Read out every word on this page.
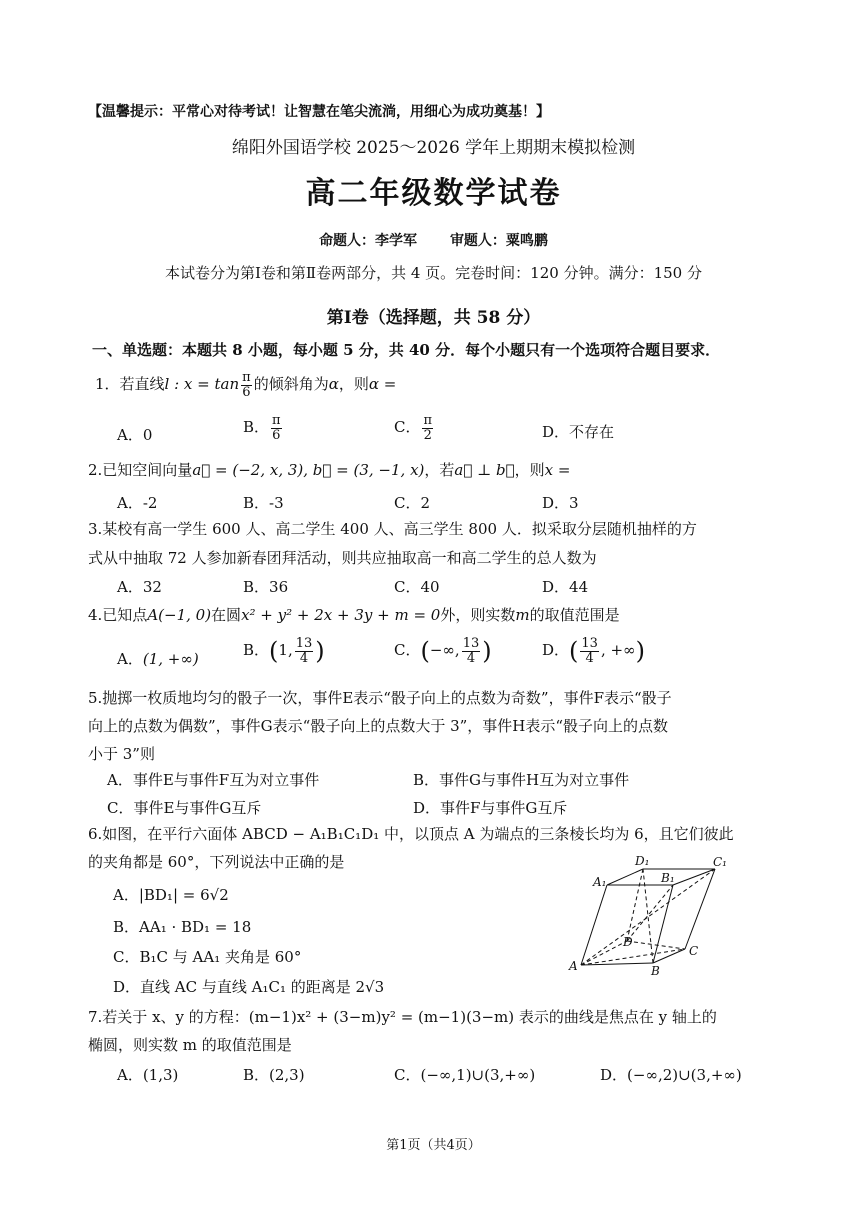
【温馨提示：平常心对待考试！让智慧在笔尖流淌，用细心为成功奠基！】
绵阳外国语学校 2025～2026 学年上期期末模拟检测
高二年级数学试卷
命题人：李学军 审题人：粟鸣鹏
本试卷分为第Ⅰ卷和第Ⅱ卷两部分，共 4 页。完卷时间：120 分钟。满分：150 分
第Ⅰ卷（选择题，共 58 分）
一、单选题：本题共 8 小题，每小题 5 分，共 40 分．每个小题只有一个选项符合题目要求．
1．若直线l : $x = \tan \frac{\pi}{6}$ 的倾斜角为α，则α =
A．0	B． $\frac{\pi}{6}$	C． $\frac{\pi}{2}$	D．不存在
2.已知空间向量a⃗ = (−2, x, 3), b⃗ = (3, −1, x)，若a⃗ ⊥ b⃗，则x =
A．-2	B．-3	C．2	D．3
3.某校有高一学生 600 人、高二学生 400 人、高三学生 800 人．拟采取分层随机抽样的方
式从中抽取 72 人参加新春团拜活动，则共应抽取高一和高二学生的总人数为
A．32	B．36	C．40	D．44
4.已知点A(−1, 0)在圆x² + y² + 2x + 3y + m = 0外，则实数m的取值范围是
A．(1, +∞)	B．(1, $\frac{13}{4}$ )	C．(−∞, $\frac{13}{4}$ )	D．( $\frac{13}{4}$ , +∞)
5.抛掷一枚质地均匀的骰子一次，事件E表示“骰子向上的点数为奇数”，事件F表示“骰子
向上的点数为偶数”，事件G表示“骰子向上的点数大于 3”，事件H表示“骰子向上的点数
小于 3”则
A．事件E与事件F互为对立事件	B．事件G与事件H互为对立事件
C．事件E与事件G互斥	D．事件F与事件G互斥
6.如图，在平行六面体 ABCD − A₁B₁C₁D₁ 中，以顶点 A 为端点的三条棱长均为 6，且它们彼此
的夹角都是 60°，下列说法中正确的是
A．|BD₁| = 6√2
B．AA₁ · BD₁ = 18
C．B₁C 与 AA₁ 夹角是 60°
D．直线 AC 与直线 A₁C₁ 的距离是 2√3
D₁	C₁
A₁	B₁
D
C
A	B
7.若关于 x、y 的方程：(m−1)x² + (3−m)y² = (m−1)(3−m) 表示的曲线是焦点在 y 轴上的
椭圆，则实数 m 的取值范围是
A．(1,3)	B．(2,3)	C．(−∞,1)∪(3,+∞)	D．(−∞,2)∪(3,+∞)
第1页（共4页）
